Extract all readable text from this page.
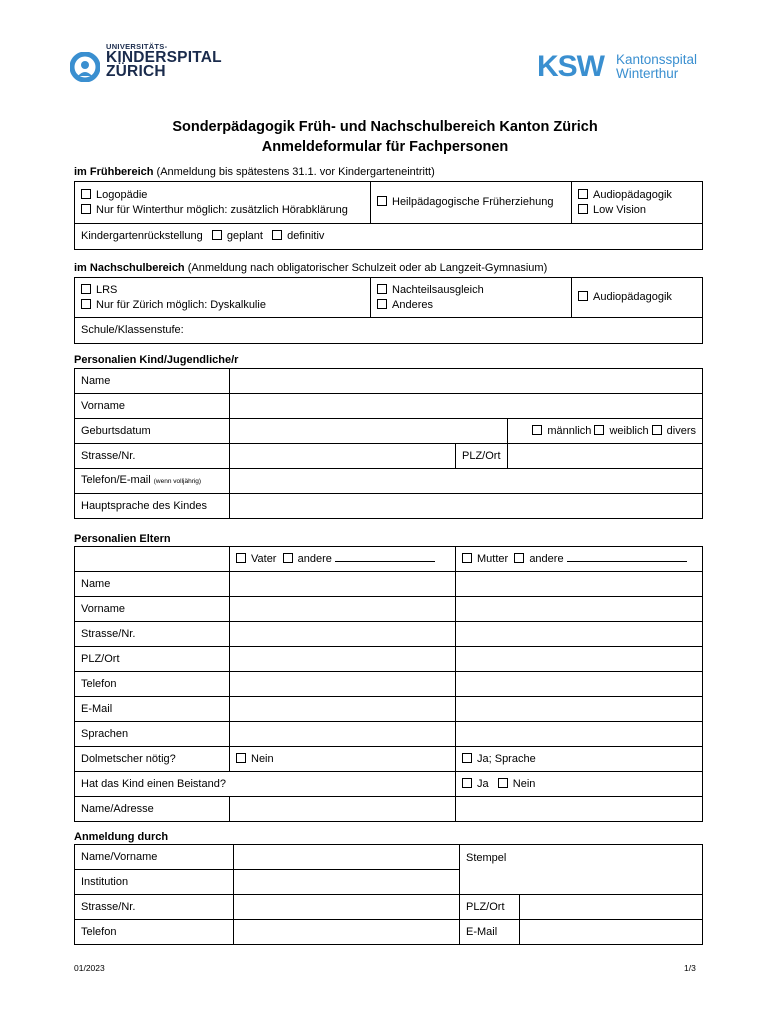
UNIVERSITÄTS-
KINDERSPITAL
ZÜRICH	KSW Kantonsspital
Winterthur
Sonderpädagogik Früh- und Nachschulbereich Kanton Zürich
Anmeldeformular für Fachpersonen
im Frühbereich (Anmeldung bis spätestens 31.1. vor Kindergarteneintritt)
Logopädie
Nur für Winterthur möglich: zusätzlich Hörabklärung

Heilpädagogische Früherziehung

Audiopädagogik
Low Vision

Kindergartenrückstellung geplant definitiv
im Nachschulbereich (Anmeldung nach obligatorischer Schulzeit oder ab Langzeit-Gymnasium)
LRS
Nur für Zürich möglich: Dyskalkulie

Nachteilsausgleich
Anderes

Audiopädagogik

Schule/Klassenstufe:
Personalien Kind/Jugendliche/r
Name			
Vorname			
Geburtsdatum			männlich weiblich divers
Strasse/Nr.		PLZ/Ort	
Telefon/E-mail (wenn volljährig)			
Hauptsprache des Kindes			
Personalien Eltern
	Vater andere	Mutter andere
Name		
Vorname		
Strasse/Nr.		
PLZ/Ort		
Telefon		
E-Mail		
Sprachen		
Dolmetscher nötig?	Nein	Ja; Sprache
Hat das Kind einen Beistand?		Ja Nein
Name/Adresse		
Anmeldung durch
Name/Vorname		Stempel	
Institution			
Strasse/Nr.		PLZ/Ort	
Telefon		E-Mail	
01/2023	1/3
